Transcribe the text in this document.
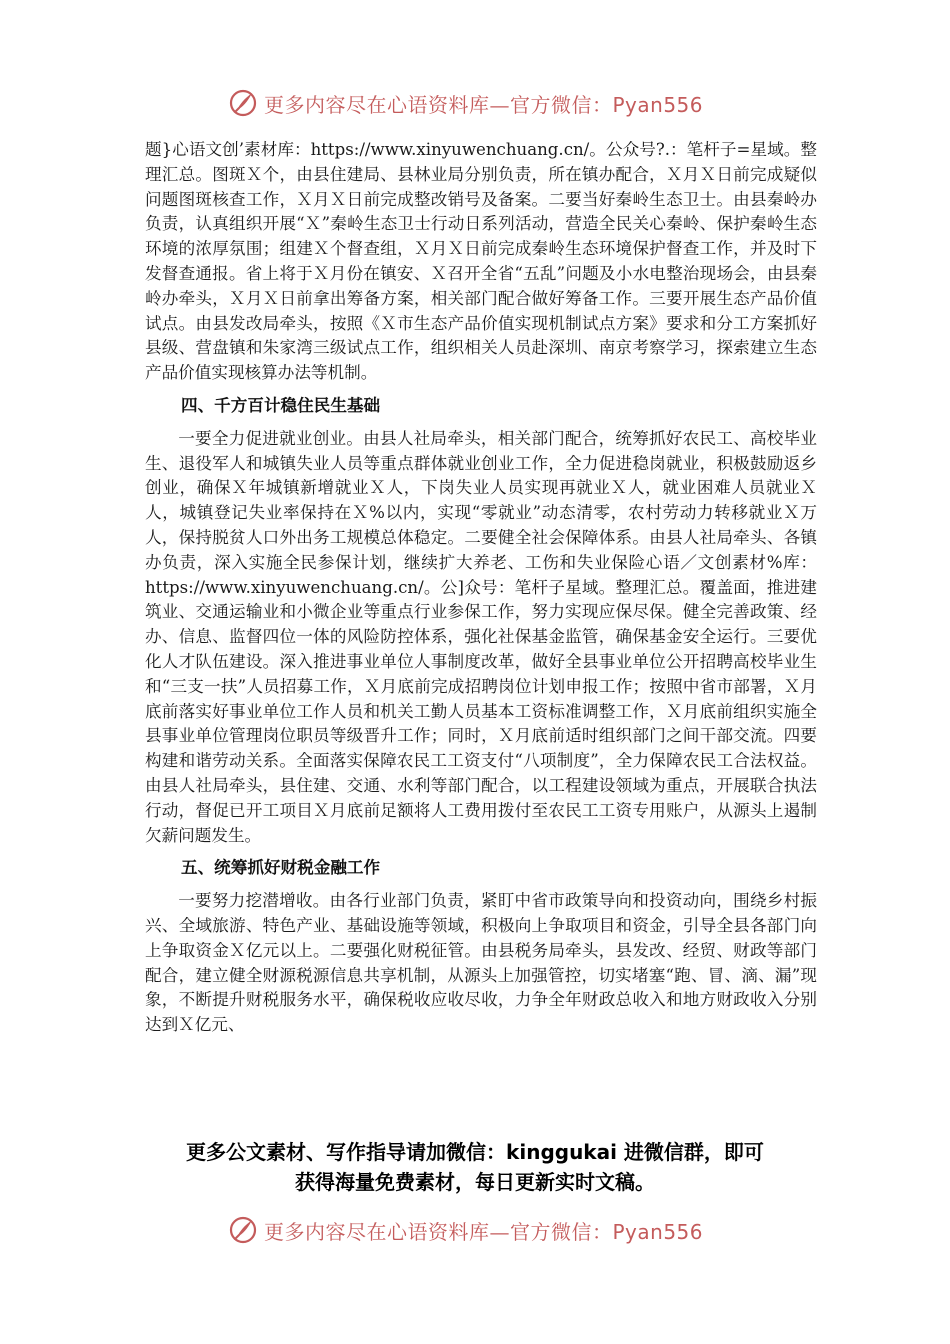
更多内容尽在心语资料库—官方微信：Pyan556

题}心语文创’素材库：https://www.xinyuwenchuang.cn/。公众号?.：笔杆子=星域。整理汇总。图斑Ｘ个，由县住建局、县林业局分别负责，所在镇办配合，Ｘ月Ｘ日前完成疑似问题图斑核查工作，Ｘ月Ｘ日前完成整改销号及备案。二要当好秦岭生态卫士。由县秦岭办负责，认真组织开展“Ｘ”秦岭生态卫士行动日系列活动，营造全民关心秦岭、保护秦岭生态环境的浓厚氛围；组建Ｘ个督查组，Ｘ月Ｘ日前完成秦岭生态环境保护督查工作，并及时下发督查通报。省上将于Ｘ月份在镇安、Ｘ召开全省“五乱”问题及小水电整治现场会，由县秦岭办牵头，Ｘ月Ｘ日前拿出筹备方案，相关部门配合做好筹备工作。三要开展生态产品价值试点。由县发改局牵头，按照《Ｘ市生态产品价值实现机制试点方案》要求和分工方案抓好县级、营盘镇和朱家湾三级试点工作，组织相关人员赴深圳、南京考察学习，探索建立生态产品价值实现核算办法等机制。

四、千方百计稳住民生基础

一要全力促进就业创业。由县人社局牵头，相关部门配合，统筹抓好农民工、高校毕业生、退役军人和城镇失业人员等重点群体就业创业工作，全力促进稳岗就业，积极鼓励返乡创业，确保Ｘ年城镇新增就业Ｘ人，下岗失业人员实现再就业Ｘ人，就业困难人员就业Ｘ人，城镇登记失业率保持在Ｘ%以内，实现“零就业”动态清零，农村劳动力转移就业Ｘ万人，保持脱贫人口外出务工规模总体稳定。二要健全社会保障体系。由县人社局牵头、各镇办负责，深入实施全民参保计划，继续扩大养老、工伤和失业保险心语／文创素材%库：https://www.xinyuwenchuang.cn/。公]众号：笔杆子星域。整理汇总。覆盖面，推进建筑业、交通运输业和小微企业等重点行业参保工作，努力实现应保尽保。健全完善政策、经办、信息、监督四位一体的风险防控体系，强化社保基金监管，确保基金安全运行。三要优化人才队伍建设。深入推进事业单位人事制度改革，做好全县事业单位公开招聘高校毕业生和“三支一扶”人员招募工作，Ｘ月底前完成招聘岗位计划申报工作；按照中省市部署，Ｘ月底前落实好事业单位工作人员和机关工勤人员基本工资标准调整工作，Ｘ月底前组织实施全县事业单位管理岗位职员等级晋升工作；同时，Ｘ月底前适时组织部门之间干部交流。四要构建和谐劳动关系。全面落实保障农民工工资支付“八项制度”，全力保障农民工合法权益。由县人社局牵头，县住建、交通、水利等部门配合，以工程建设领域为重点，开展联合执法行动，督促已开工项目Ｘ月底前足额将人工费用拨付至农民工工资专用账户，从源头上遏制欠薪问题发生。

五、统筹抓好财税金融工作

一要努力挖潜增收。由各行业部门负责，紧盯中省市政策导向和投资动向，围绕乡村振兴、全域旅游、特色产业、基础设施等领域，积极向上争取项目和资金，引导全县各部门向上争取资金Ｘ亿元以上。二要强化财税征管。由县税务局牵头，县发改、经贸、财政等部门配合，建立健全财源税源信息共享机制，从源头上加强管控，切实堵塞“跑、冒、滴、漏”现象，不断提升财税服务水平，确保税收应收尽收，力争全年财政总收入和地方财政收入分别达到Ｘ亿元、

更多公文素材、写作指导请加微信：kinggukai 进微信群，即可

获得海量免费素材，每日更新实时文稿。

更多内容尽在心语资料库—官方微信：Pyan556
